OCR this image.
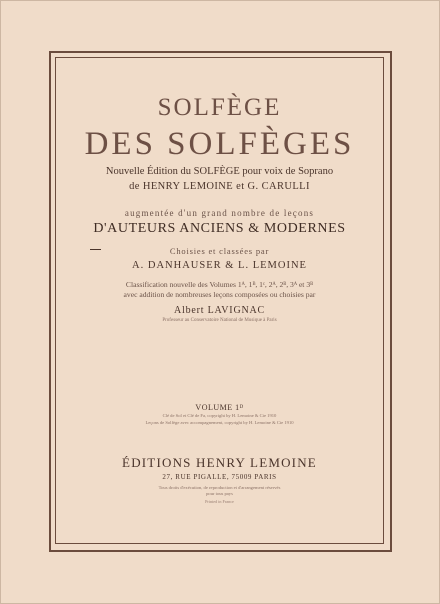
SOLFÈGE
DES SOLFÈGES
Nouvelle Édition du SOLFÈGE pour voix de Soprano
de HENRY LEMOINE et G. CARULLI
augmentée d'un grand nombre de leçons
D'AUTEURS ANCIENS & MODERNES
Choisies et classées par
A. DANHAUSER & L. LEMOINE
Classification nouvelle des Volumes 1ᴬ, 1ᴮ, 1ᶜ, 2ᴬ, 2ᴮ, 3ᴬ et 3ᴮ
avec addition de nombreuses leçons composées ou choisies par
Albert LAVIGNAC
Professeur au Conservatoire National de Musique à Paris
VOLUME 1ᴰ
Clé de Sol et Clé de Fa, copyright by H. Lemoine & Cie 1910
Leçons de Solfège avec accompagnement, copyright by H. Lemoine & Cie 1910
ÉDITIONS HENRY LEMOINE
27, RUE PIGALLE, 75009 PARIS
Tous droits d'exécution, de reproduction et d'arrangement réservés
pour tous pays
Printed in France
